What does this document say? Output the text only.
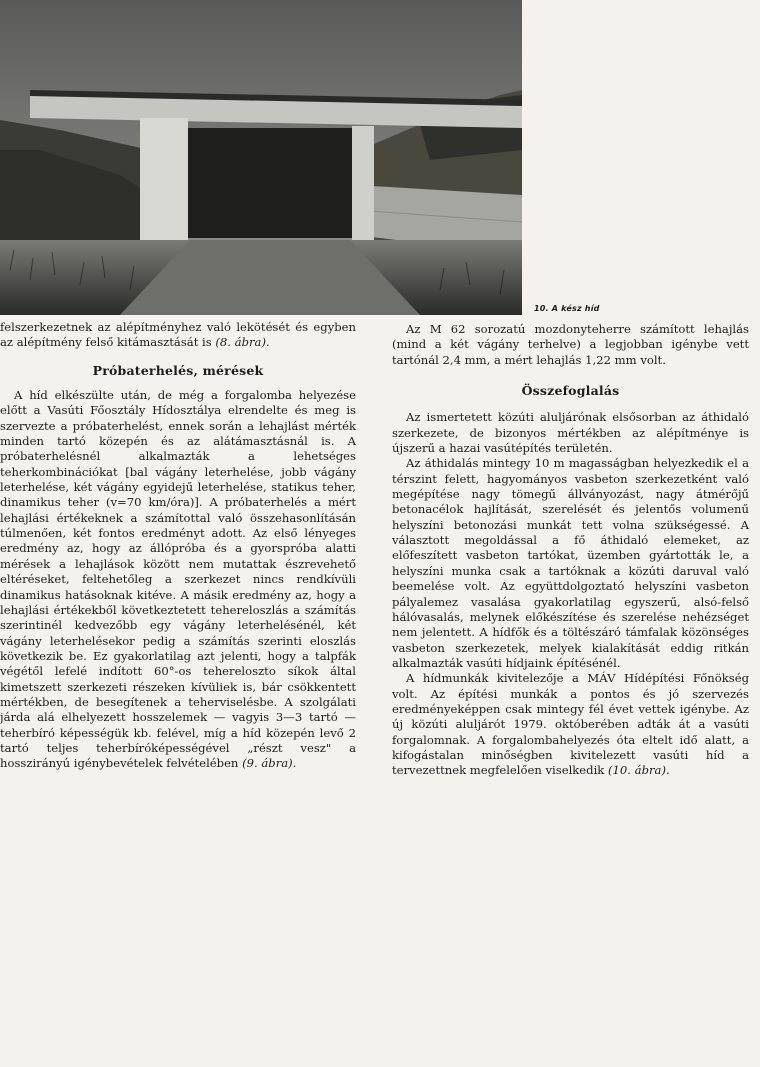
10. A kész híd

felszerkezetnek az alépítményhez való lekötését és egyben az alépítmény felső kitámasztását is (8. ábra).

Próbaterhelés, mérések

A híd elkészülte után, de még a forgalomba helyezése előtt a Vasúti Főosztály Hídosztálya elrendelte és meg is szervezte a próbaterhelést, ennek során a lehajlást mérték minden tartó közepén és az alátámasztásnál is. A próbaterhelésnél alkalmazták a lehetséges teherkombinációkat [bal vágány leterhelése, jobb vágány leterhelése, két vágány egyidejű leterhelése, statikus teher, dinamikus teher (v=70 km/óra)]. A próbaterhelés a mért lehajlási értékeknek a számítottal való összehasonlításán túlmenően, két fontos eredményt adott. Az első lényeges eredmény az, hogy az állópróba és a gyorspróba alatti mérések a lehajlások között nem mutattak észrevehető eltéréseket, feltehetőleg a szerkezet nincs rendkívüli dinamikus hatásoknak kitéve. A másik eredmény az, hogy a lehajlási értékekből következtetett tehereloszlás a számítás szerintinél kedvezőbb egy vágány leterhelésénél, két vágány leterhelésekor pedig a számítás szerinti eloszlás következik be. Ez gyakorlatilag azt jelenti, hogy a talpfák végétől lefelé indított 60°-os tehereloszto síkok által kimetszett szerkezeti részeken kívüliek is, bár csökkentett mértékben, de besegítenek a teherviselésbe. A szolgálati járda alá elhelyezett hosszelemek — vagyis 3—3 tartó — teherbíró képességük kb. felével, míg a híd közepén levő 2 tartó teljes teherbíróképességével „részt vesz" a hosszirányú igénybevételek felvételében (9. ábra).

Az M 62 sorozatú mozdonyteherre számított lehajlás (mind a két vágány terhelve) a legjobban igénybe vett tartónál 2,4 mm, a mért lehajlás 1,22 mm volt.

Összefoglalás

Az ismertetett közúti aluljárónak elsősorban az áthidaló szerkezete, de bizonyos mértékben az alépítménye is újszerű a hazai vasútépítés területén.

Az áthidalás mintegy 10 m magasságban helyezkedik el a térszint felett, hagyományos vasbeton szerkezetként való megépítése nagy tömegű állványozást, nagy átmérőjű betonacélok hajlítását, szerelését és jelentős volumenű helyszíni betonozási munkát tett volna szükségessé. A választott megoldással a fő áthidaló elemeket, az előfeszített vasbeton tartókat, üzemben gyártották le, a helyszíni munka csak a tartóknak a közúti daruval való beemelése volt. Az együttdolgoztató helyszíni vasbeton pályalemez vasalása gyakorlatilag egyszerű, alsó-felső hálóvasalás, melynek előkészítése és szerelése nehézséget nem jelentett. A hídfők és a töltészáró támfalak közönséges vasbeton szerkezetek, melyek kialakítását eddig ritkán alkalmazták vasúti hídjaink építésénél.

A hídmunkák kivitelezője a MÁV Hídépítési Főnökség volt. Az építési munkák a pontos és jó szervezés eredményeképpen csak mintegy fél évet vettek igénybe. Az új közúti aluljárót 1979. októberében adták át a vasúti forgalomnak. A forgalombahelyezés óta eltelt idő alatt, a kifogástalan minőségben kivitelezett vasúti híd a tervezettnek megfelelően viselkedik (10. ábra).
